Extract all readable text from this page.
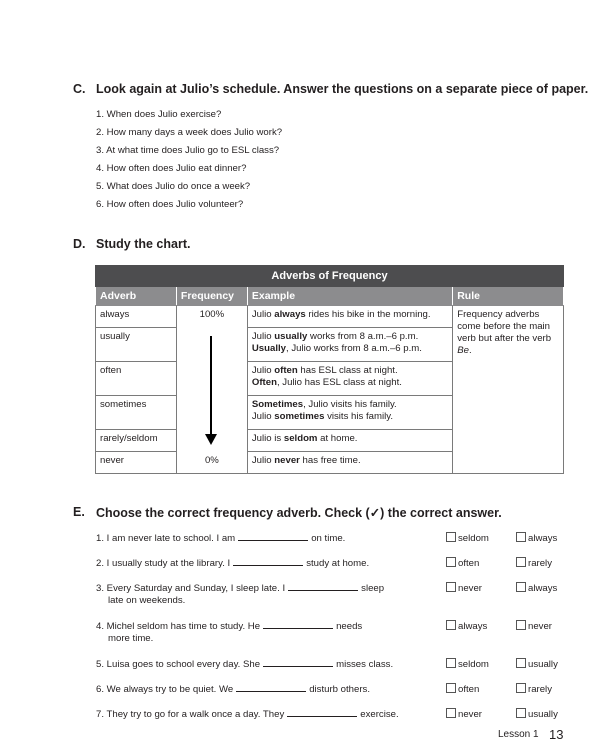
C. Look again at Julio’s schedule. Answer the questions on a separate piece of paper.
1. When does Julio exercise?
2. How many days a week does Julio work?
3. At what time does Julio go to ESL class?
4. How often does Julio eat dinner?
5. What does Julio do once a week?
6. How often does Julio volunteer?
D. Study the chart.
Adverbs of Frequency			
Adverb	Frequency	Example	Rule
always	100%	Julio always rides his bike in the morning.	Frequency adverbs come before the main verb but after the verb Be.
usually		Julio usually works from 8 a.m.–6 p.m.
Usually, Julio works from 8 a.m.–6 p.m.	
often		Julio often has ESL class at night.
Often, Julio has ESL class at night.	
sometimes		Sometimes, Julio visits his family.
Julio sometimes visits his family.	
rarely/seldom		Julio is seldom at home.	
never	0%	Julio never has free time.	
E. Choose the correct frequency adverb. Check (✓) the correct answer.
1. I am never late to school. I am	on time.	seldom	always
2. I usually study at the library. I	study at home.	often	rarely
3. Every Saturday and Sunday, I sleep late. I	sleep
late on weekends.
never	always
4. Michel seldom has time to study. He	needs
more time.
always	never
5. Luisa goes to school every day. She	misses class.	seldom	usually
6. We always try to be quiet. We	disturb others.	often	rarely
7. They try to go for a walk once a day. They	exercise.	never	usually
Lesson 1 13
